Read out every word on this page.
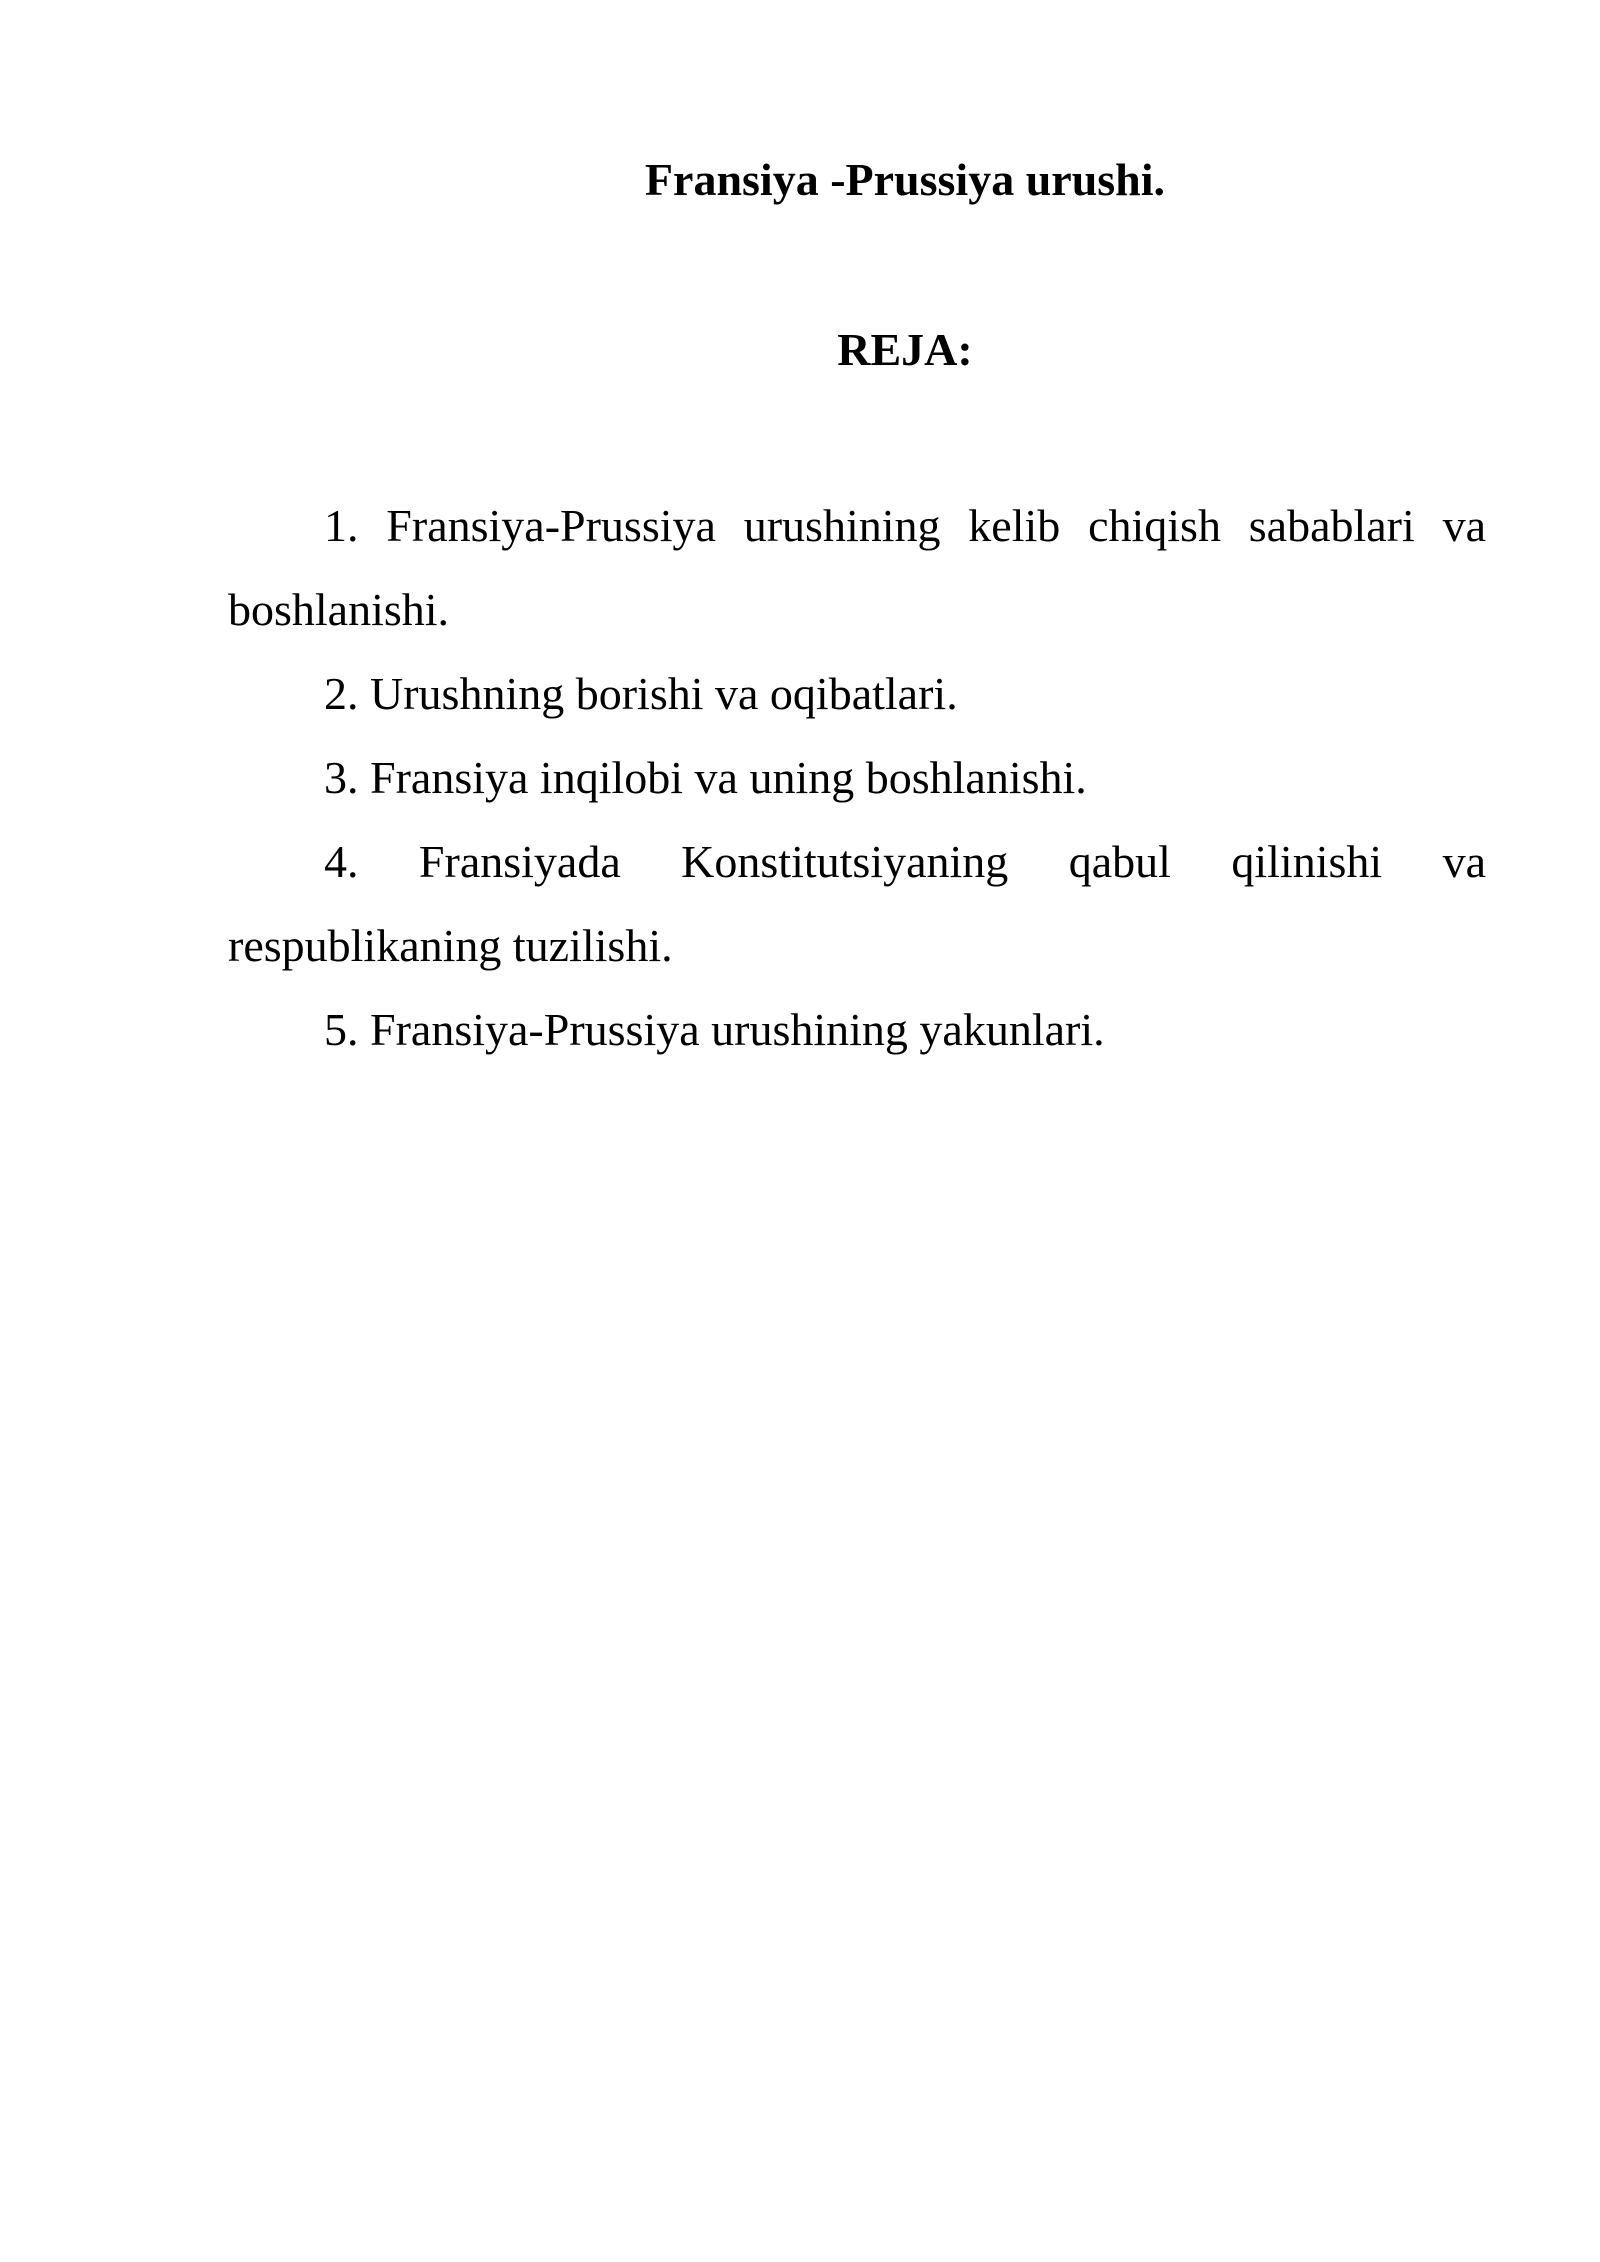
Fransiya -Prussiya urushi.
REJA:
1. Fransiya-Prussiya urushining kelib chiqish sabablari va boshlanishi.
2. Urushning borishi va oqibatlari.
3. Fransiya inqilobi va uning boshlanishi.
4. Fransiyada Konstitutsiyaning qabul qilinishi va respublikaning tuzilishi.
5. Fransiya-Prussiya urushining yakunlari.
